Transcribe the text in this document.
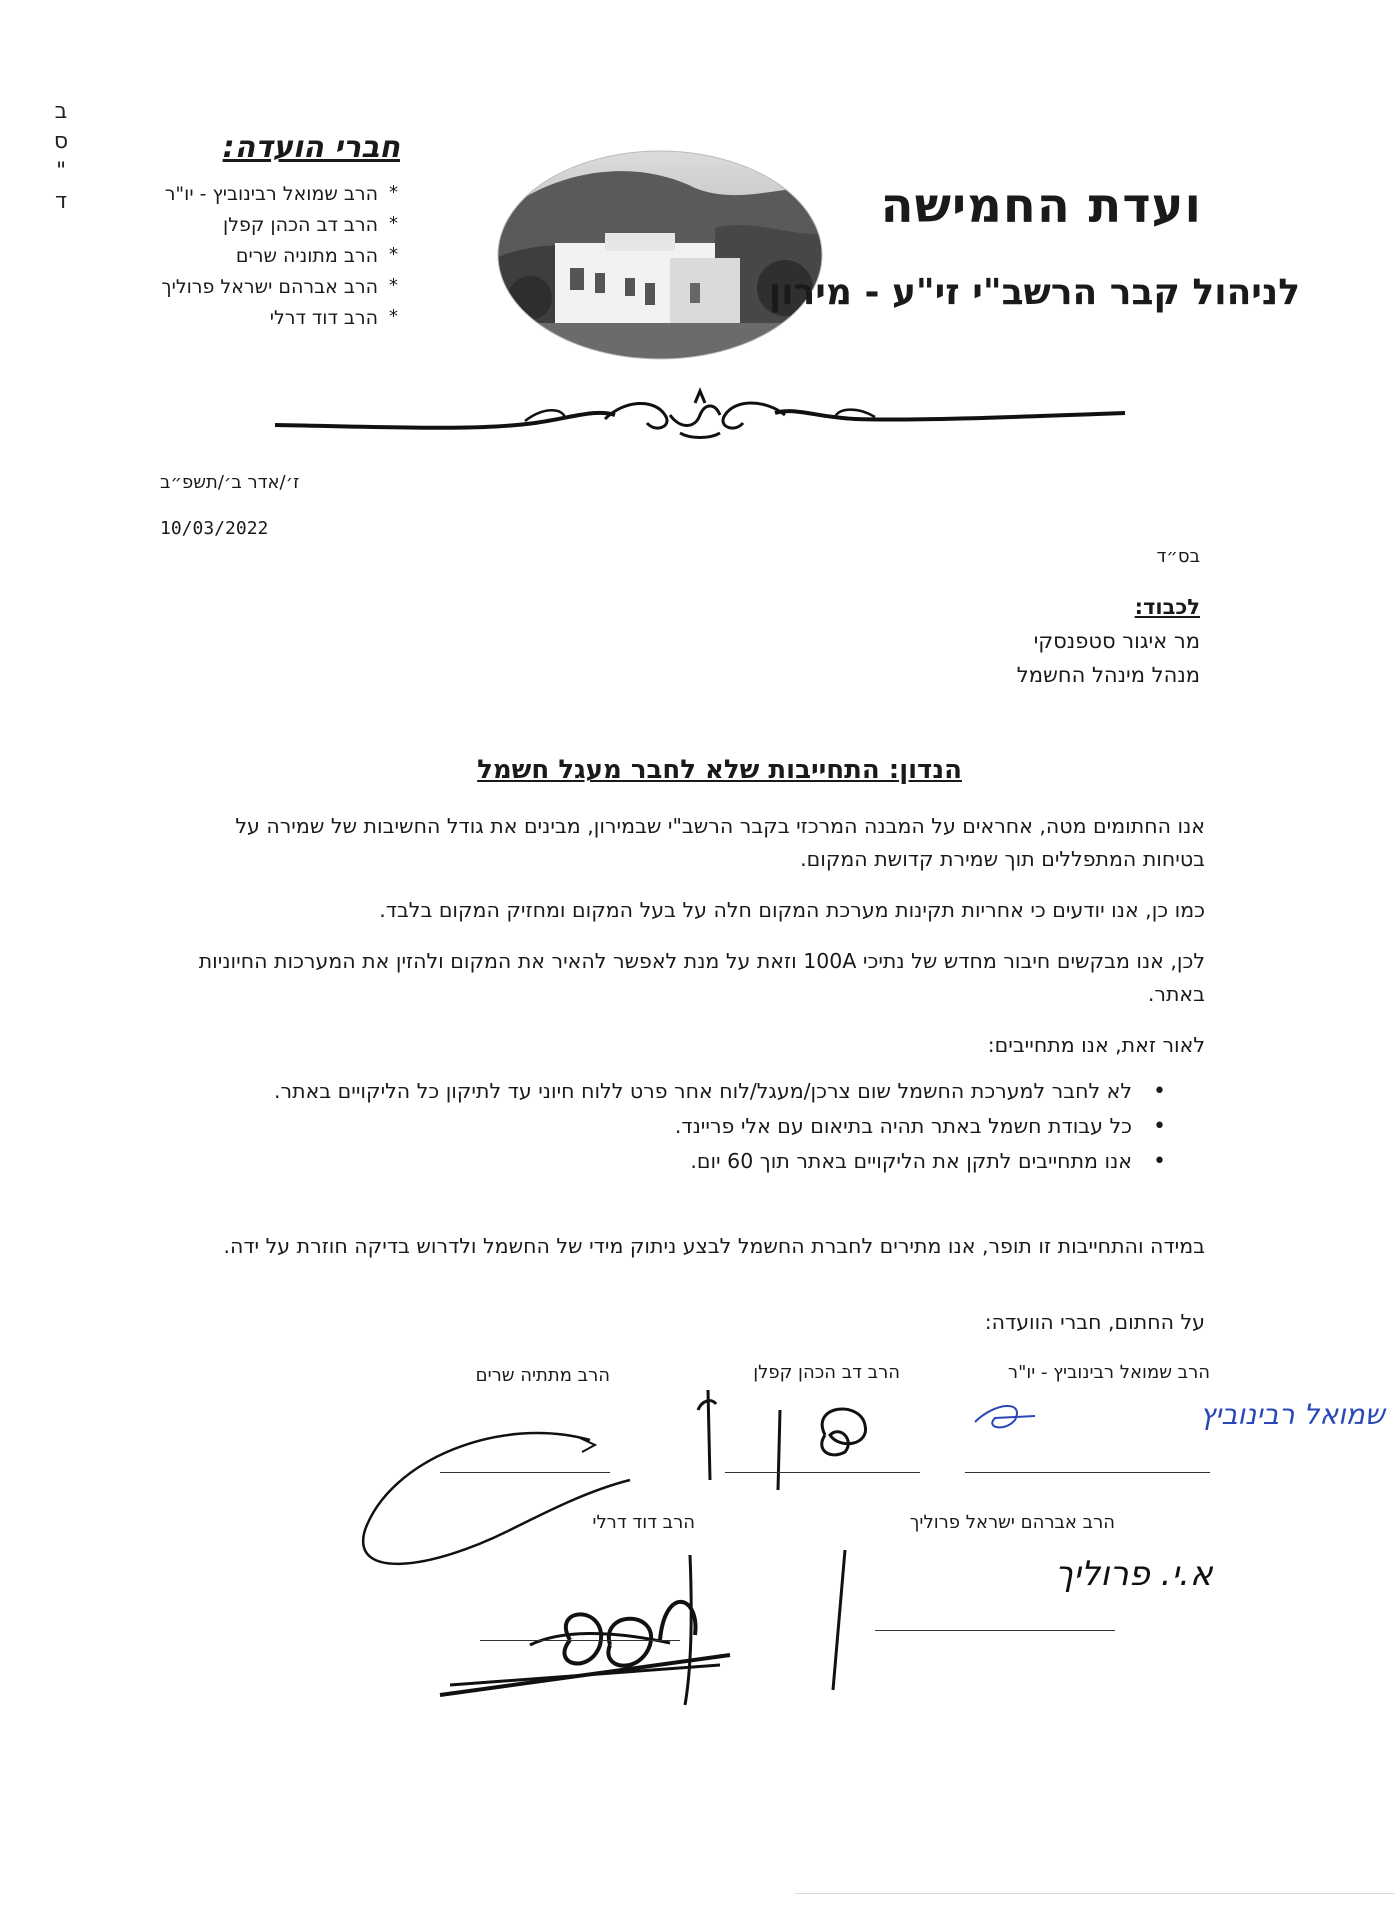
ב
ס
"
ד
חברי הועדה:
* הרב שמואל רבינוביץ - יו"ר
* הרב דב הכהן קפלן
* הרב מתוניה שרים
* הרב אברהם ישראל פרוליך
* הרב דוד דרלי
ועדת החמישה
לניהול קבר הרשב"י זי"ע - מירון
ז׳/אדר ב׳/תשפ״ב
10/03/2022
בס״ד
לכבוד:
מר איגור סטפנסקי
מנהל מינהל החשמל
הנדון: התחייבות שלא לחבר מעגל חשמל

אנו החתומים מטה, אחראים על המבנה המרכזי בקבר הרשב"י שבמירון, מבינים את גודל החשיבות של שמירה על בטיחות המתפללים תוך שמירת קדושת המקום.

כמו כן, אנו יודעים כי אחריות תקינות מערכת המקום חלה על בעל המקום ומחזיק המקום בלבד.

לכן, אנו מבקשים חיבור מחדש של נתיכי 100A וזאת על מנת לאפשר להאיר את המקום ולהזין את המערכות החיוניות באתר.

לאור זאת, אנו מתחייבים:

• לא לחבר למערכת החשמל שום צרכן/מעגל/לוח אחר פרט ללוח חיוני עד לתיקון כל הליקויים באתר.
• כל עבודת חשמל באתר תהיה בתיאום עם אלי פריינד.
• אנו מתחייבים לתקן את הליקויים באתר תוך 60 יום.
במידה והתחייבות זו תופר, אנו מתירים לחברת החשמל לבצע ניתוק מידי של החשמל ולדרוש בדיקה חוזרת על ידה.
על החתום, חברי הוועדה:
הרב שמואל רבינוביץ - יו"ר
שמואל רבינוביץ
הרב דב הכהן קפלן
הרב מתתיה שרים
הרב אברהם ישראל פרוליך
א.י. פרוליך
הרב דוד דרלי
